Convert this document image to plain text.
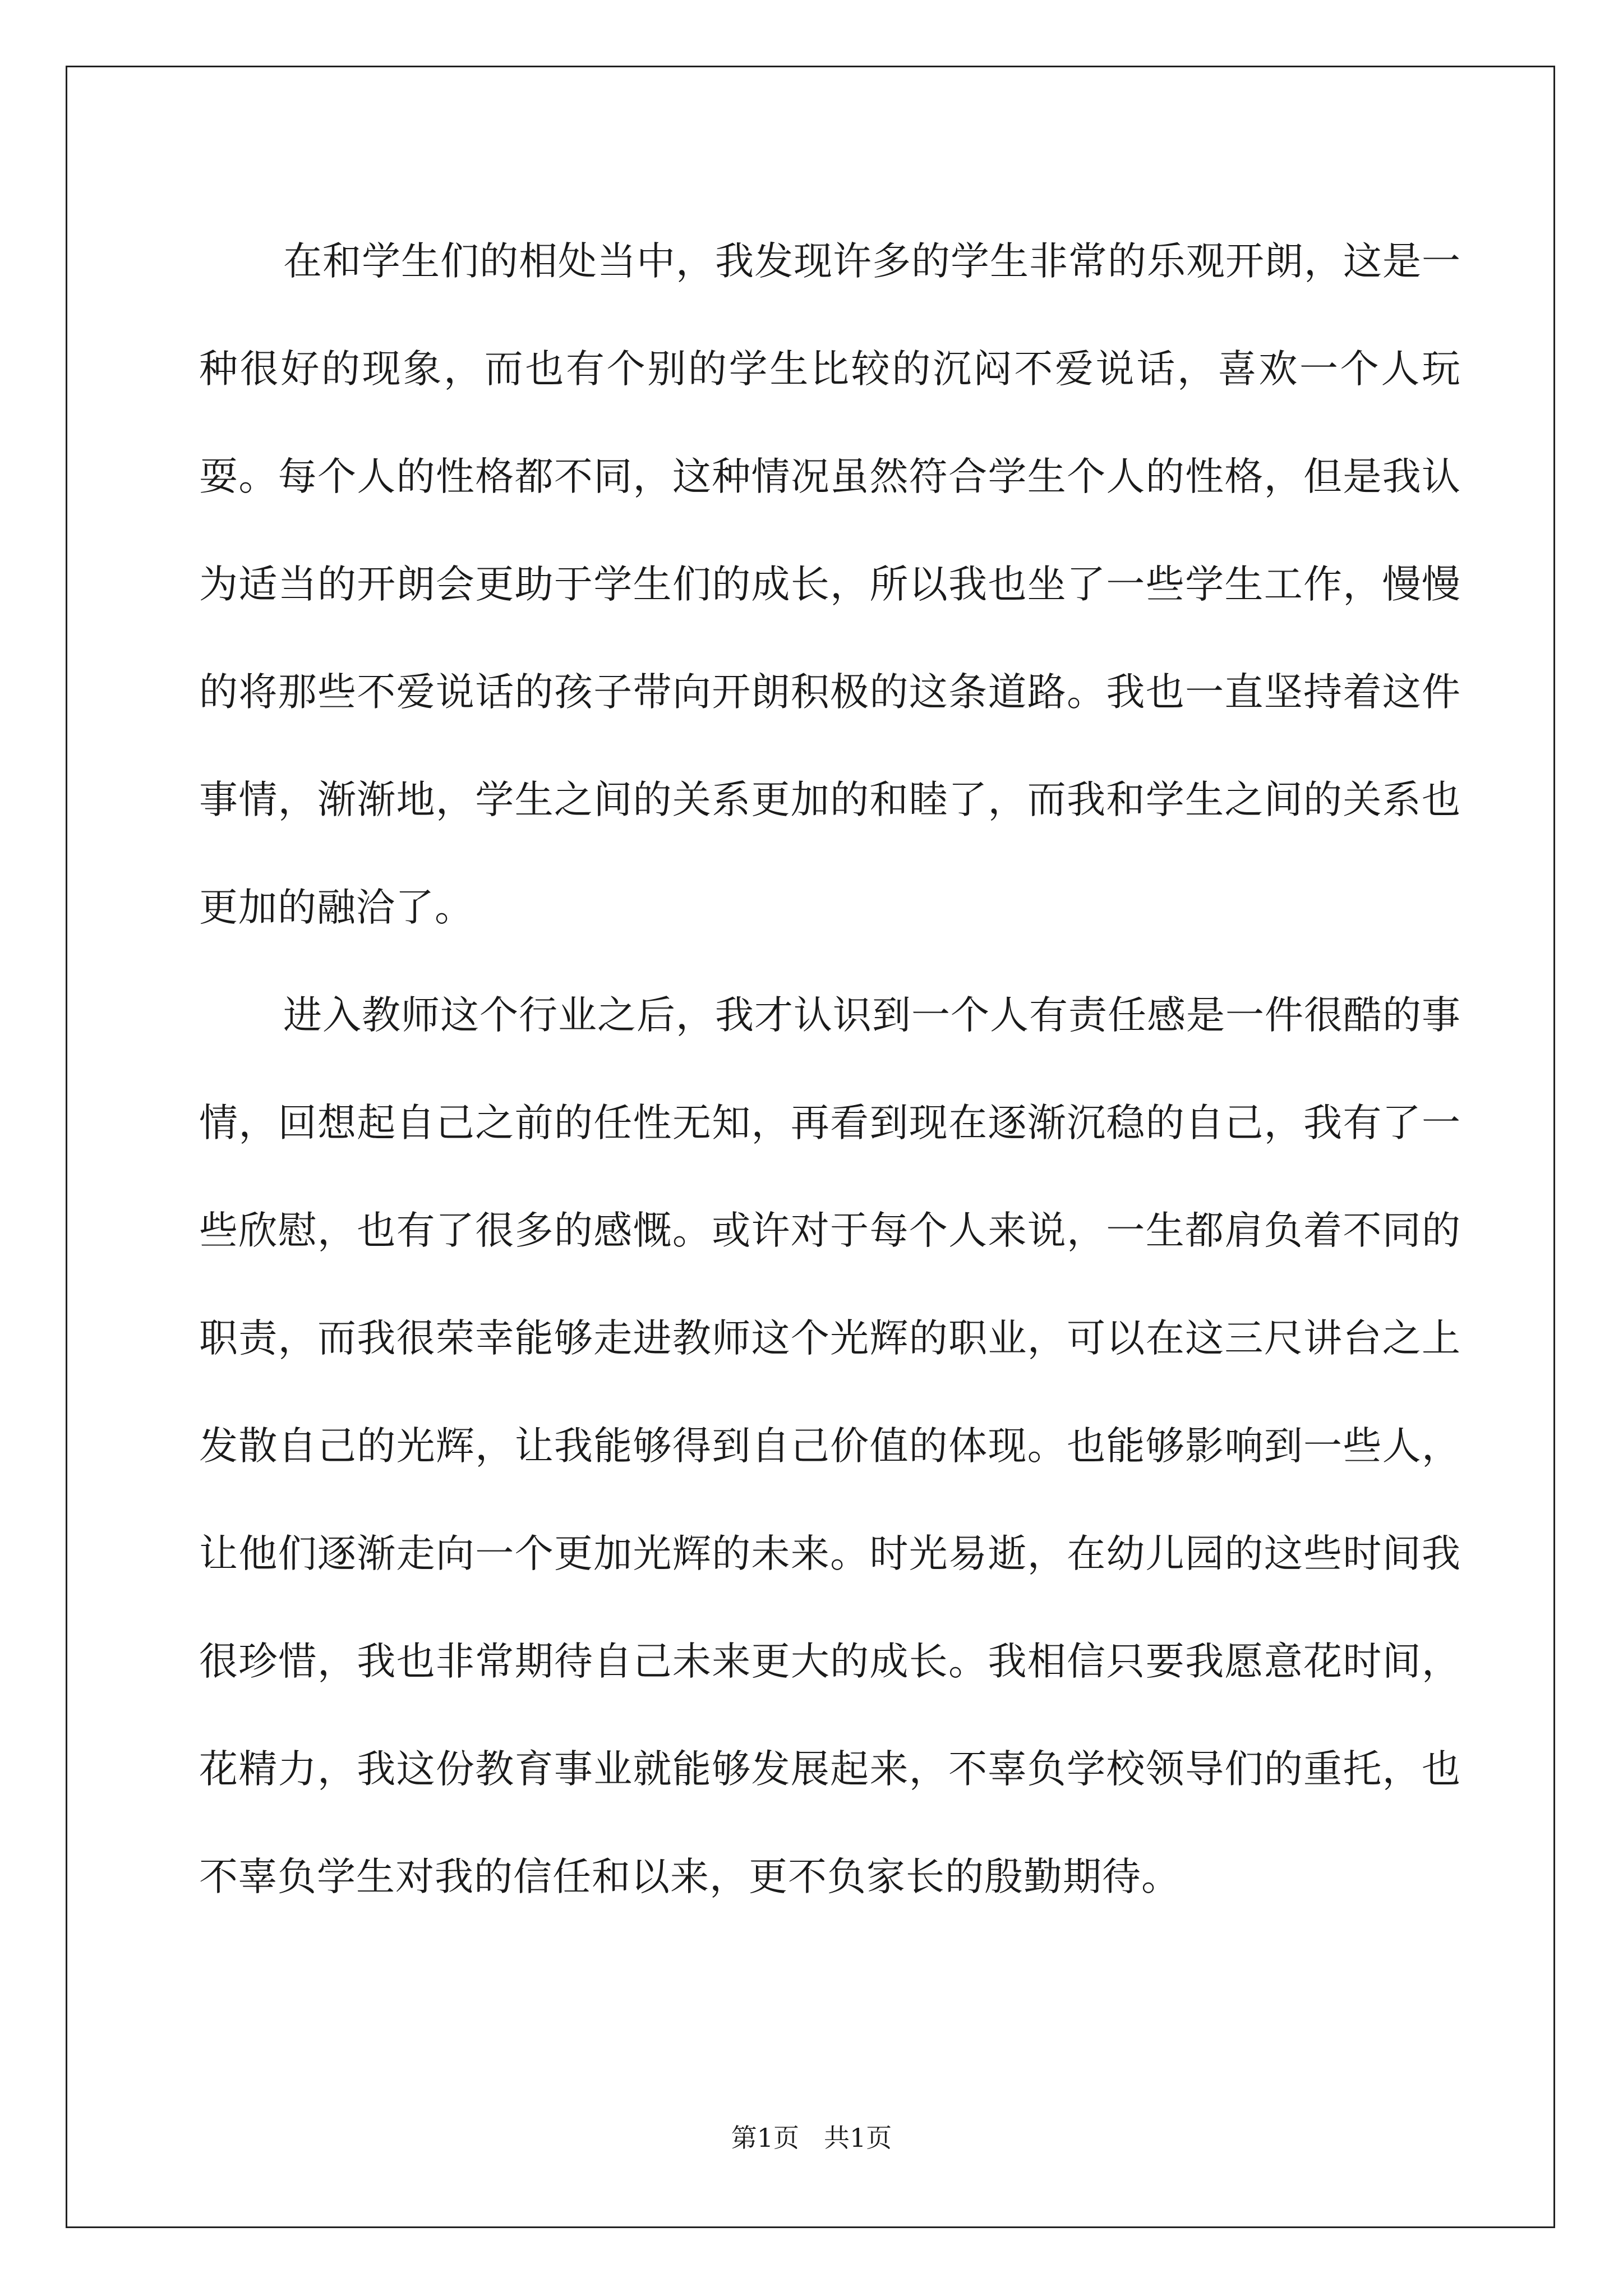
在和学生们的相处当中，我发现许多的学生非常的乐观开朗，这是一种很好的现象，而也有个别的学生比较的沉闷不爱说话，喜欢一个人玩耍。每个人的性格都不同，这种情况虽然符合学生个人的性格，但是我认为适当的开朗会更助于学生们的成长，所以我也坐了一些学生工作，慢慢的将那些不爱说话的孩子带向开朗积极的这条道路。我也一直坚持着这件事情，渐渐地，学生之间的关系更加的和睦了，而我和学生之间的关系也更加的融洽了。

进入教师这个行业之后，我才认识到一个人有责任感是一件很酷的事情，回想起自己之前的任性无知，再看到现在逐渐沉稳的自己，我有了一些欣慰，也有了很多的感慨。或许对于每个人来说，一生都肩负着不同的职责，而我很荣幸能够走进教师这个光辉的职业，可以在这三尺讲台之上发散自己的光辉，让我能够得到自己价值的体现。也能够影响到一些人，让他们逐渐走向一个更加光辉的未来。时光易逝，在幼儿园的这些时间我很珍惜，我也非常期待自己未来更大的成长。我相信只要我愿意花时间，花精力，我这份教育事业就能够发展起来，不辜负学校领导们的重托，也不辜负学生对我的信任和以来，更不负家长的殷勤期待。

第1页 共1页
